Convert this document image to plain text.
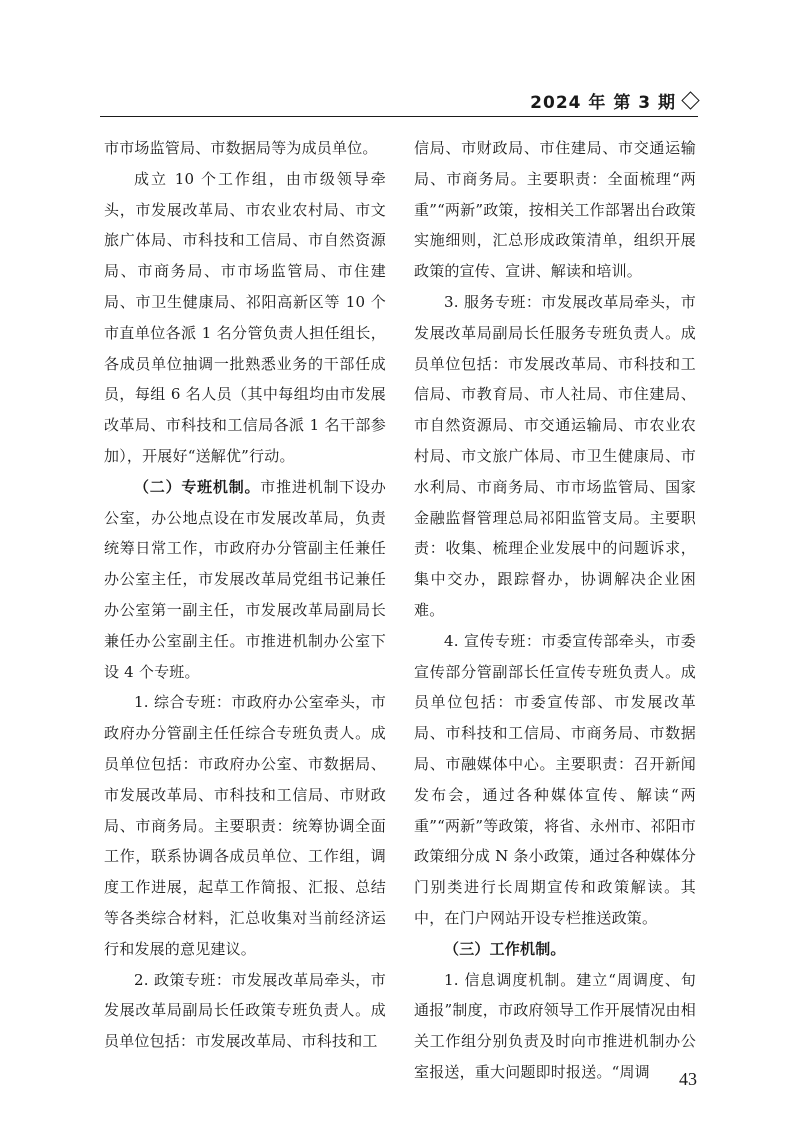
2024 年 第 3 期

市市场监管局、市数据局等为成员单位。

成立 10 个工作组，由市级领导牵头，市发展改革局、市农业农村局、市文旅广体局、市科技和工信局、市自然资源局、市商务局、市市场监管局、市住建局、市卫生健康局、祁阳高新区等 10 个市直单位各派 1 名分管负责人担任组长，各成员单位抽调一批熟悉业务的干部任成员，每组 6 名人员（其中每组均由市发展改革局、市科技和工信局各派 1 名干部参加），开展好“送解优”行动。

（二）专班机制。市推进机制下设办公室，办公地点设在市发展改革局，负责统筹日常工作，市政府办分管副主任兼任办公室主任，市发展改革局党组书记兼任办公室第一副主任，市发展改革局副局长兼任办公室副主任。市推进机制办公室下设 4 个专班。

1. 综合专班：市政府办公室牵头，市政府办分管副主任任综合专班负责人。成员单位包括：市政府办公室、市数据局、市发展改革局、市科技和工信局、市财政局、市商务局。主要职责：统筹协调全面工作，联系协调各成员单位、工作组，调度工作进展，起草工作简报、汇报、总结等各类综合材料，汇总收集对当前经济运行和发展的意见建议。

2. 政策专班：市发展改革局牵头，市发展改革局副局长任政策专班负责人。成员单位包括：市发展改革局、市科技和工

信局、市财政局、市住建局、市交通运输局、市商务局。主要职责：全面梳理“两重”“两新”政策，按相关工作部署出台政策实施细则，汇总形成政策清单，组织开展政策的宣传、宣讲、解读和培训。

3. 服务专班：市发展改革局牵头，市发展改革局副局长任服务专班负责人。成员单位包括：市发展改革局、市科技和工信局、市教育局、市人社局、市住建局、市自然资源局、市交通运输局、市农业农村局、市文旅广体局、市卫生健康局、市水利局、市商务局、市市场监管局、国家金融监督管理总局祁阳监管支局。主要职责：收集、梳理企业发展中的问题诉求，集中交办，跟踪督办，协调解决企业困难。

4. 宣传专班：市委宣传部牵头，市委宣传部分管副部长任宣传专班负责人。成员单位包括：市委宣传部、市发展改革局、市科技和工信局、市商务局、市数据局、市融媒体中心。主要职责：召开新闻发布会，通过各种媒体宣传、解读“两重”“两新”等政策，将省、永州市、祁阳市政策细分成 N 条小政策，通过各种媒体分门别类进行长周期宣传和政策解读。其中，在门户网站开设专栏推送政策。

（三）工作机制。

1. 信息调度机制。建立“周调度、旬通报”制度，市政府领导工作开展情况由相关工作组分别负责及时向市推进机制办公室报送，重大问题即时报送。“周调	43
